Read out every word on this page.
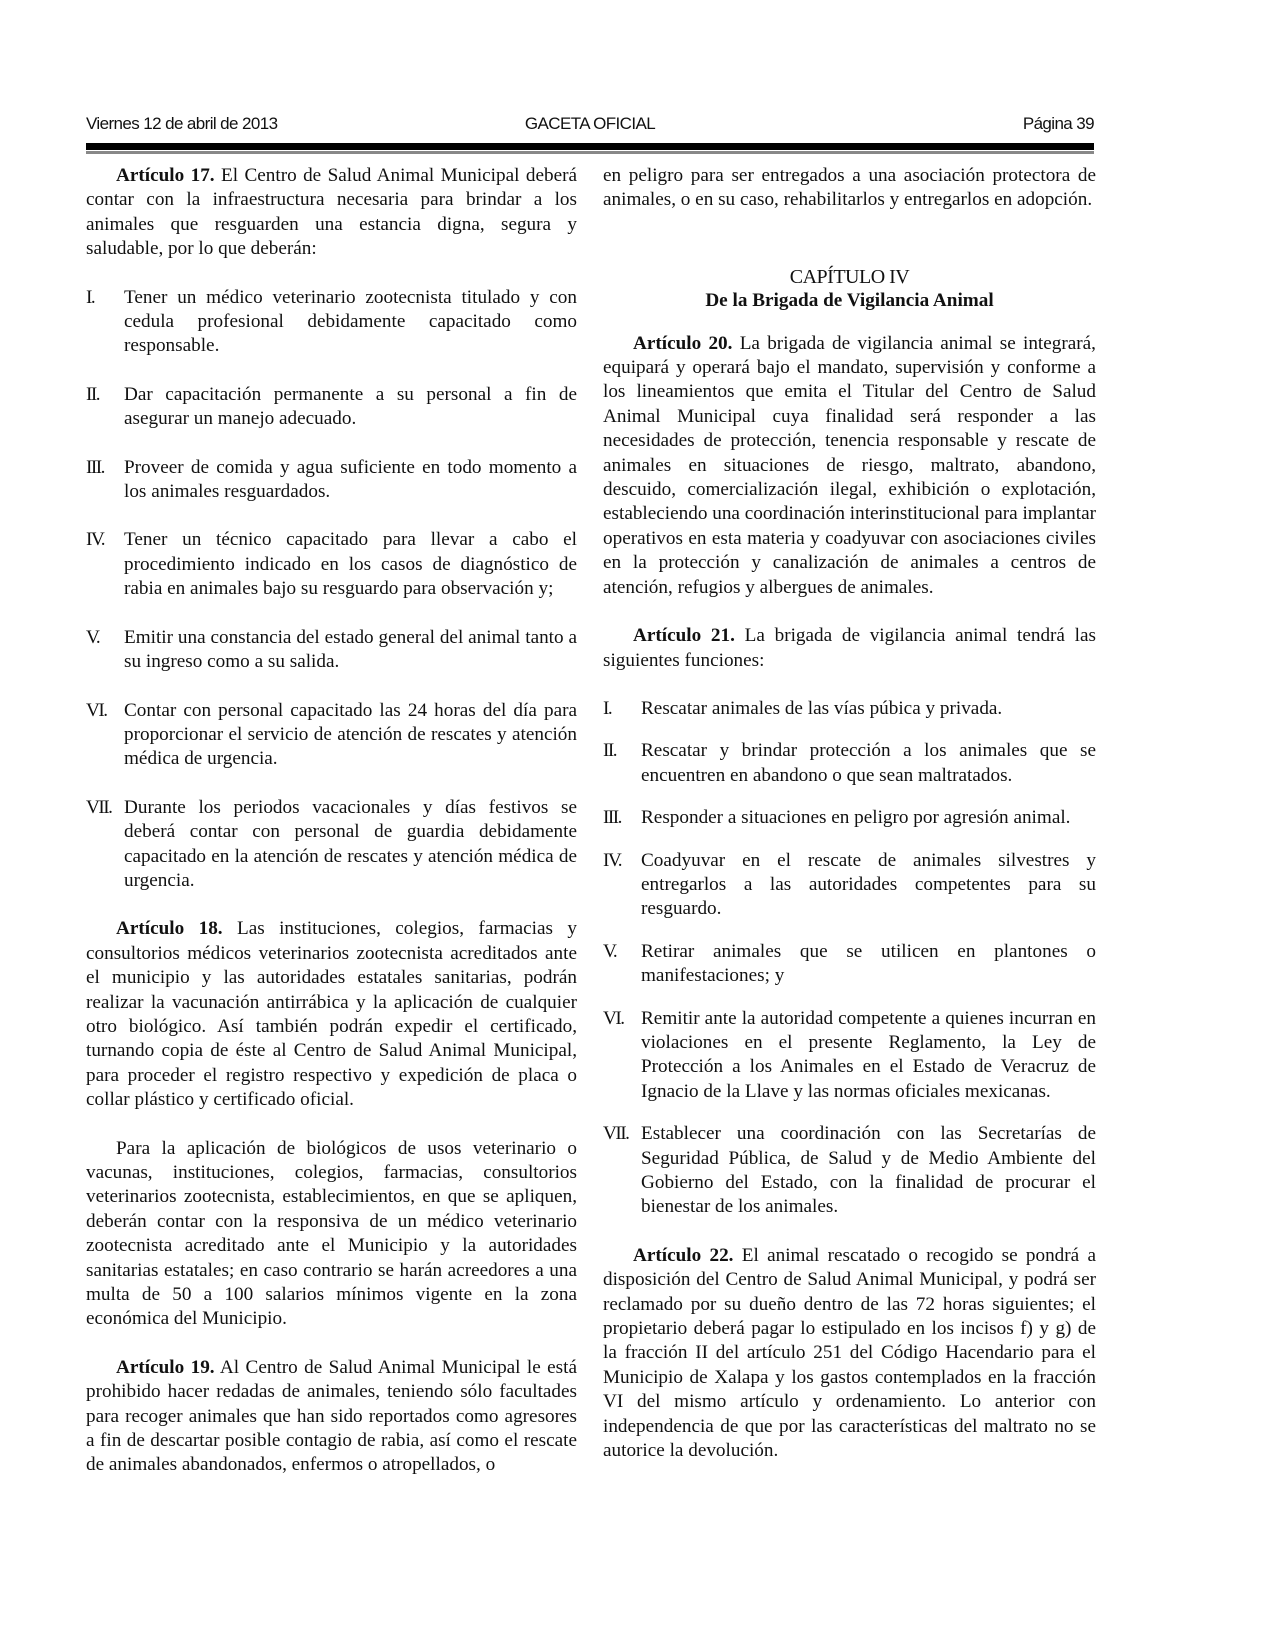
Viernes 12 de abril de 2013	GACETA OFICIAL	Página 39

Artículo 17. El Centro de Salud Animal Municipal deberá contar con la infraestructura necesaria para brindar a los animales que resguarden una estancia digna, segura y saludable, por lo que deberán:

I.	Tener un médico veterinario zootecnista titulado y con cedula profesional debidamente capacitado como responsable.
II.	Dar capacitación permanente a su personal a fin de asegurar un manejo adecuado.
III.	Proveer de comida y agua suficiente en todo momento a los animales resguardados.
IV.	Tener un técnico capacitado para llevar a cabo el procedimiento indicado en los casos de diagnóstico de rabia en animales bajo su resguardo para observación y;
V.	Emitir una constancia del estado general del animal tanto a su ingreso como a su salida.
VI. Contar con personal capacitado las 24 horas del día para proporcionar el servicio de atención de rescates y atención médica de urgencia.
VII. Durante los periodos vacacionales y días festivos se deberá contar con personal de guardia debidamente capacitado en la atención de rescates y atención médica de urgencia.

Artículo 18. Las instituciones, colegios, farmacias y consultorios médicos veterinarios zootecnista acreditados ante el municipio y las autoridades estatales sanitarias, podrán realizar la vacunación antirrábica y la aplicación de cualquier otro biológico. Así también podrán expedir el certificado, turnando copia de éste al Centro de Salud Animal Municipal, para proceder el registro respectivo y expedición de placa o collar plástico y certificado oficial.

Para la aplicación de biológicos de usos veterinario o vacunas, instituciones, colegios, farmacias, consultorios veterinarios zootecnista, establecimientos, en que se apliquen, deberán contar con la responsiva de un médico veterinario zootecnista acreditado ante el Municipio y la autoridades sanitarias estatales; en caso contrario se harán acreedores a una multa de 50 a 100 salarios mínimos vigente en la zona económica del Municipio.

Artículo 19. Al Centro de Salud Animal Municipal le está prohibido hacer redadas de animales, teniendo sólo facultades para recoger animales que han sido reportados como agresores a fin de descartar posible contagio de rabia, así como el rescate de animales abandonados, enfermos o atropellados, o

en peligro para ser entregados a una asociación protectora de animales, o en su caso, rehabilitarlos y entregarlos en adopción.

CAPÍTULO IV
De la Brigada de Vigilancia Animal

Artículo 20. La brigada de vigilancia animal se integrará, equipará y operará bajo el mandato, supervisión y conforme a los lineamientos que emita el Titular del Centro de Salud Animal Municipal cuya finalidad será responder a las necesidades de protección, tenencia responsable y rescate de animales en situaciones de riesgo, maltrato, abandono, descuido, comercialización ilegal, exhibición o explotación, estableciendo una coordinación interinstitucional para implantar operativos en esta materia y coadyuvar con asociaciones civiles en la protección y canalización de animales a centros de atención, refugios y albergues de animales.

Artículo 21. La brigada de vigilancia animal tendrá las siguientes funciones:

I.	Rescatar animales de las vías púbica y privada.
II.	Rescatar y brindar protección a los animales que se encuentren en abandono o que sean maltratados.
III.	Responder a situaciones en peligro por agresión animal.
IV.	Coadyuvar en el rescate de animales silvestres y entregarlos a las autoridades competentes para su resguardo.
V.	Retirar animales que se utilicen en plantones o manifestaciones; y
VI. Remitir ante la autoridad competente a quienes incurran en violaciones en el presente Reglamento, la Ley de Protección a los Animales en el Estado de Veracruz de Ignacio de la Llave y las normas oficiales mexicanas.
VII. Establecer una coordinación con las Secretarías de Seguridad Pública, de Salud y de Medio Ambiente del Gobierno del Estado, con la finalidad de procurar el bienestar de los animales.

Artículo 22. El animal rescatado o recogido se pondrá a disposición del Centro de Salud Animal Municipal, y podrá ser reclamado por su dueño dentro de las 72 horas siguientes; el propietario deberá pagar lo estipulado en los incisos f) y g) de la fracción II del artículo 251 del Código Hacendario para el Municipio de Xalapa y los gastos contemplados en la fracción VI del mismo artículo y ordenamiento. Lo anterior con independencia de que por las características del maltrato no se autorice la devolución.
